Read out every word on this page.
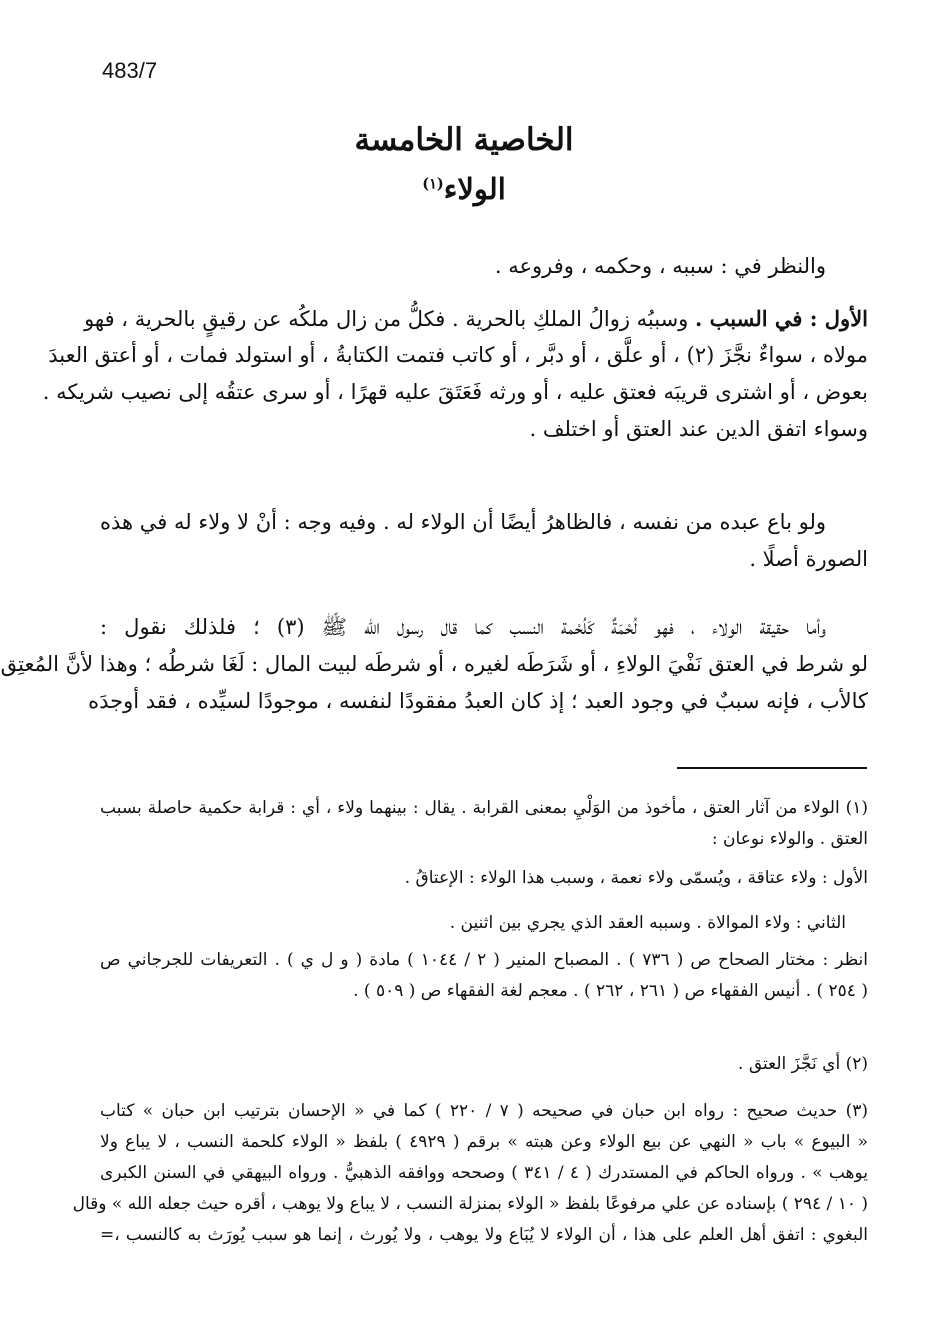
483/7
الخاصية الخامسة
الولاء$^{(١)}$
والنظر في : سببه ، وحكمه ، وفروعه .
الأول : في السبب . وسببُه زوالُ الملكِ بالحرية . فكلُّ من زال ملكُه عن رقيقٍ بالحرية ، فهو
مولاه ، سواءٌ نجَّزَ (٢) ، أو علَّق ، أو دبَّر ، أو كاتب فتمت الكتابةُ ، أو استولد فمات ، أو أعتق العبدَ
بعوض ، أو اشترى قريبَه فعتق عليه ، أو ورثه فَعَتَقَ عليه قهرًا ، أو سرى عتقُه إلى نصيب شريكه .
وسواء اتفق الدين عند العتق أو اختلف .
ولو باع عبده من نفسه ، فالظاهرُ أيضًا أن الولاء له . وفيه وجه : أنْ لا ولاء له في هذه
الصورة أصلًا .
وأما حقيقة الولاء ، فهو لُحْمَةٌ كَلُحْمة النسب كما قال رسول الله ﷺ (٣) ؛ فلذلك نقول :
لو شرط في العتق نَفْيَ الولاءِ ، أو شَرَطَه لغيره ، أو شرطَه لبيت المال : لَغَا شرطُه ؛ وهذا لأنَّ المُعتِق
كالأب ، فإنه سببٌ في وجود العبد ؛ إذ كان العبدُ مفقودًا لنفسه ، موجودًا لسيِّده ، فقد أوجدَه
(١) الولاء من آثار العتق ، مأخوذ من الوَلْيِ بمعنى القرابة . يقال : بينهما ولاء ، أي : قرابة حكمية حاصلة بسبب
العتق . والولاء نوعان :
الأول : ولاء عتاقة ، ويُسمّى ولاء نعمة ، وسبب هذا الولاء : الإعتاقُ .
الثاني : ولاء الموالاة . وسببه العقد الذي يجري بين اثنين .
انظر : مختار الصحاح ص ( ٧٣٦ ) . المصباح المنير ( ٢ / ١٠٤٤ ) مادة ( و ل ي ) . التعريفات للجرجاني ص
( ٢٥٤ ) . أنيس الفقهاء ص ( ٢٦١ ، ٢٦٢ ) . معجم لغة الفقهاء ص ( ٥٠٩ ) .
(٢) أي نَجَّزَ العتق .
(٣) حديث صحيح : رواه ابن حبان في صحيحه ( ٧ / ٢٢٠ ) كما في « الإحسان بترتيب ابن حبان » كتاب
« البيوع » باب « النهي عن بيع الولاء وعن هبته » برقم ( ٤٩٢٩ ) بلفظ « الولاء كلحمة النسب ، لا يباع ولا
يوهب » . ورواه الحاكم في المستدرك ( ٤ / ٣٤١ ) وصححه ووافقه الذهبيُّ . ورواه البيهقي في السنن الكبرى
( ١٠ / ٢٩٤ ) بإسناده عن علي مرفوعًا بلفظ « الولاء بمنزلة النسب ، لا يباع ولا يوهب ، أقره حيث جعله الله » وقال
البغوي : اتفق أهل العلم على هذا ، أن الولاء لا يُبَاع ولا يوهب ، ولا يُورث ، إنما هو سبب يُورَث به كالنسب ،=
